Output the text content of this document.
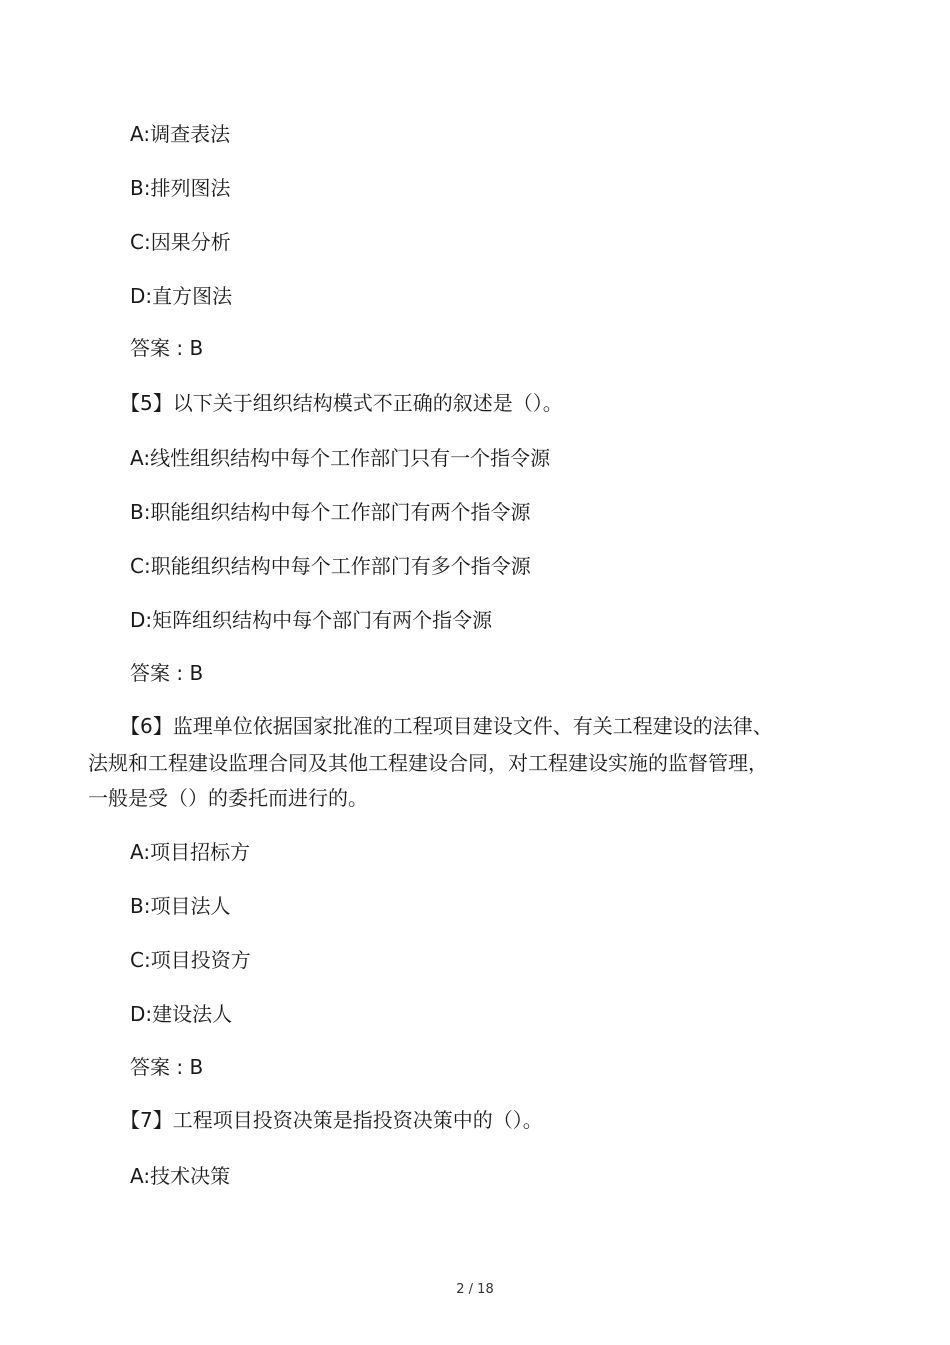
A:调查表法

B:排列图法

C:因果分析

D:直方图法

答案 : B

【5】以下关于组织结构模式不正确的叙述是（）。

A:线性组织结构中每个工作部门只有一个指令源

B:职能组织结构中每个工作部门有两个指令源

C:职能组织结构中每个工作部门有多个指令源

D:矩阵组织结构中每个部门有两个指令源

答案 : B

【6】监理单位依据国家批准的工程项目建设文件、有关工程建设的法律、

法规和工程建设监理合同及其他工程建设合同，对工程建设实施的监督管理，

一般是受（）的委托而进行的。

A:项目招标方

B:项目法人

C:项目投资方

D:建设法人

答案 : B

【7】工程项目投资决策是指投资决策中的（）。

A:技术决策

2 / 18
